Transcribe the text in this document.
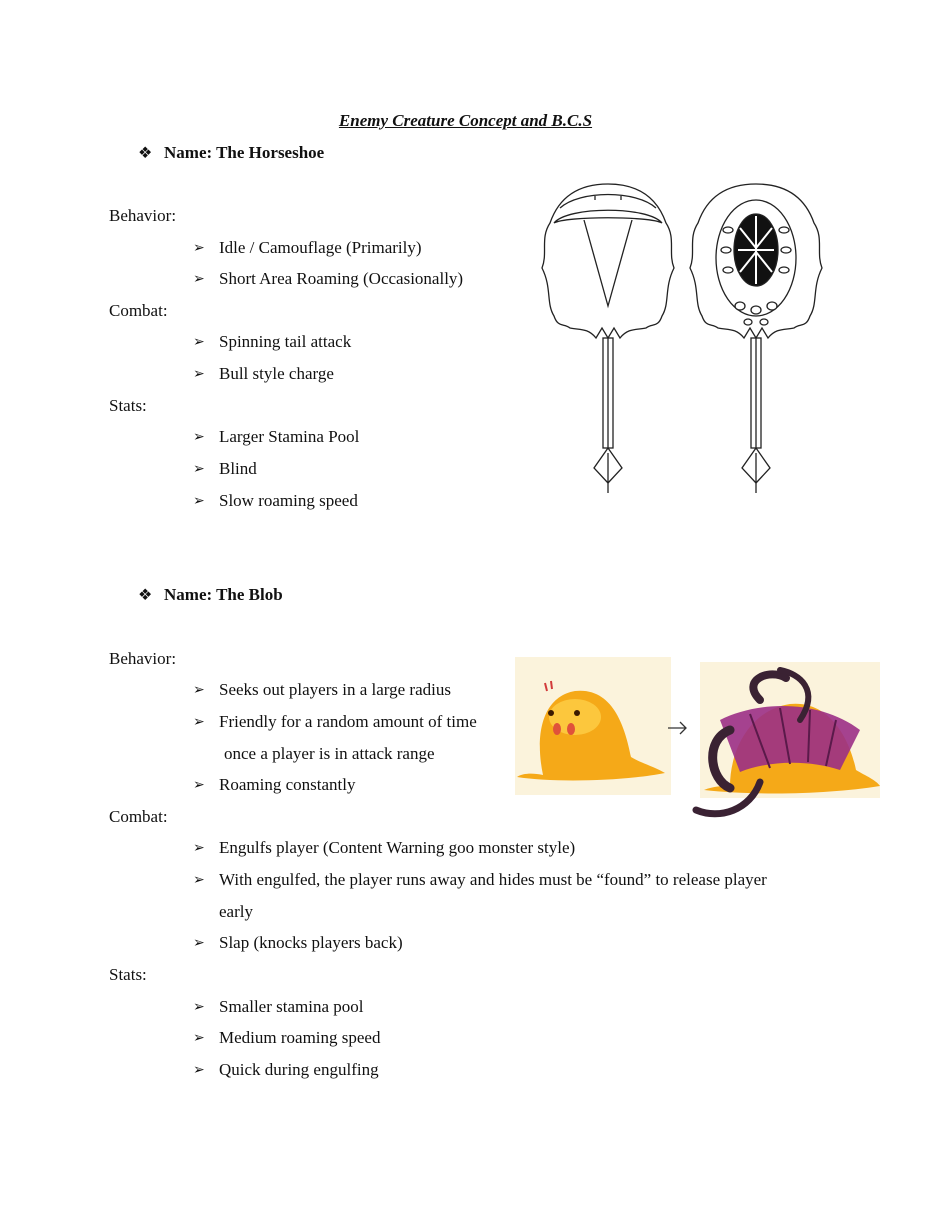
Enemy Creature Concept and B.C.S
❖ Name: The Horseshoe
Behavior:
➢ Idle / Camouflage (Primarily)
➢ Short Area Roaming (Occasionally)
Combat:
➢ Spinning tail attack
➢ Bull style charge
Stats:
➢ Larger Stamina Pool
➢ Blind
➢ Slow roaming speed
❖ Name: The Blob
Behavior:
➢ Seeks out players in a large radius
➢ Friendly for a random amount of time
once a player is in attack range
➢ Roaming constantly
Combat:
➢ Engulfs player (Content Warning goo monster style)
➢ With engulfed, the player runs away and hides must be “found” to release player
early
➢ Slap (knocks players back)
Stats:
➢ Smaller stamina pool
➢ Medium roaming speed
➢ Quick during engulfing
